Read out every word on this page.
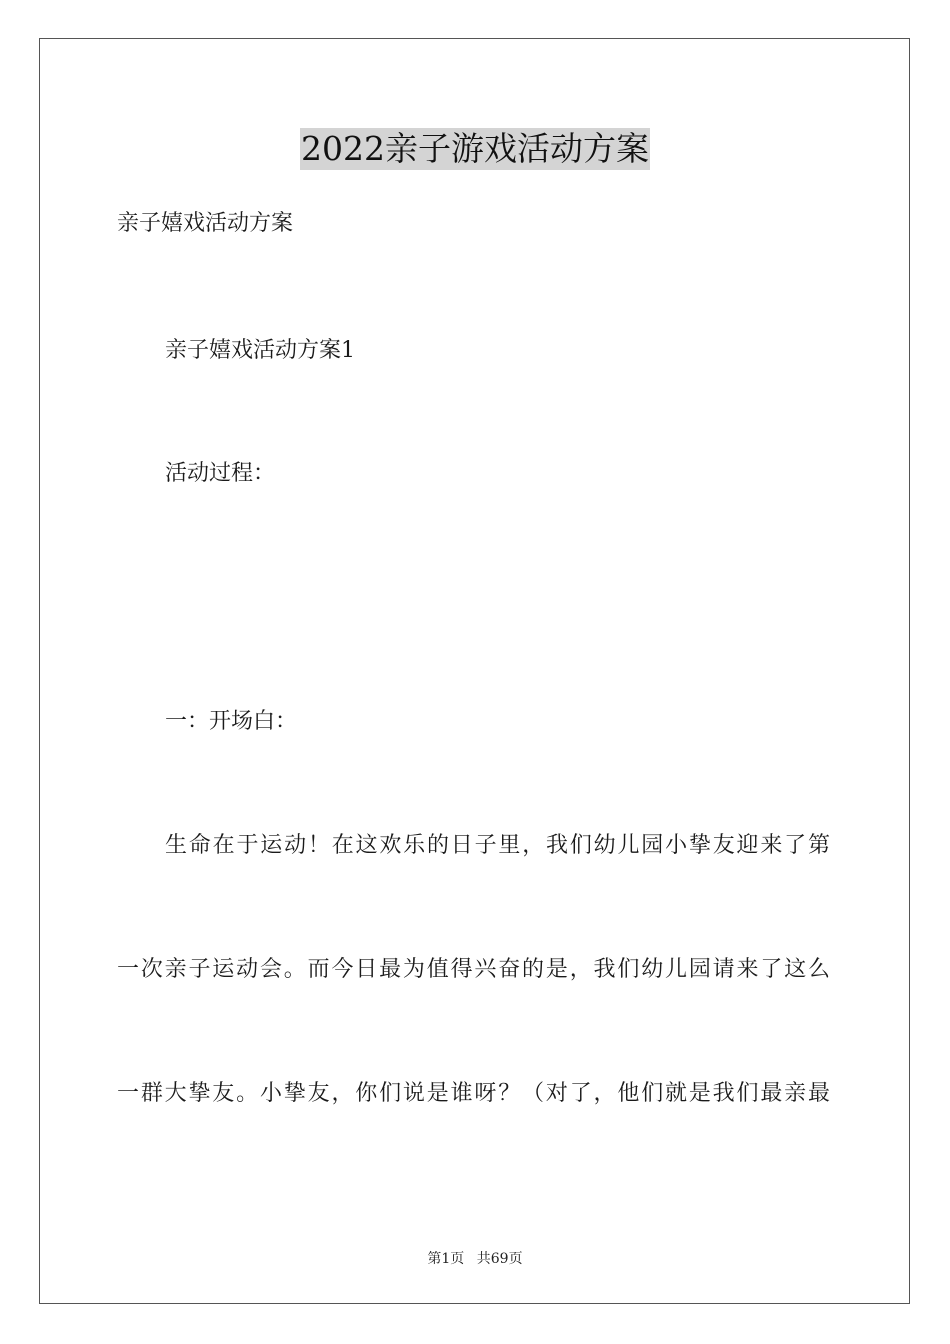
2022亲子游戏活动方案
亲子嬉戏活动方案
亲子嬉戏活动方案1
活动过程：
一：开场白：
生命在于运动！在这欢乐的日子里，我们幼儿园小挚友迎来了第
一次亲子运动会。而今日最为值得兴奋的是，我们幼儿园请来了这么
一群大挚友。小挚友，你们说是谁呀？（对了，他们就是我们最亲最
第1页 共69页
